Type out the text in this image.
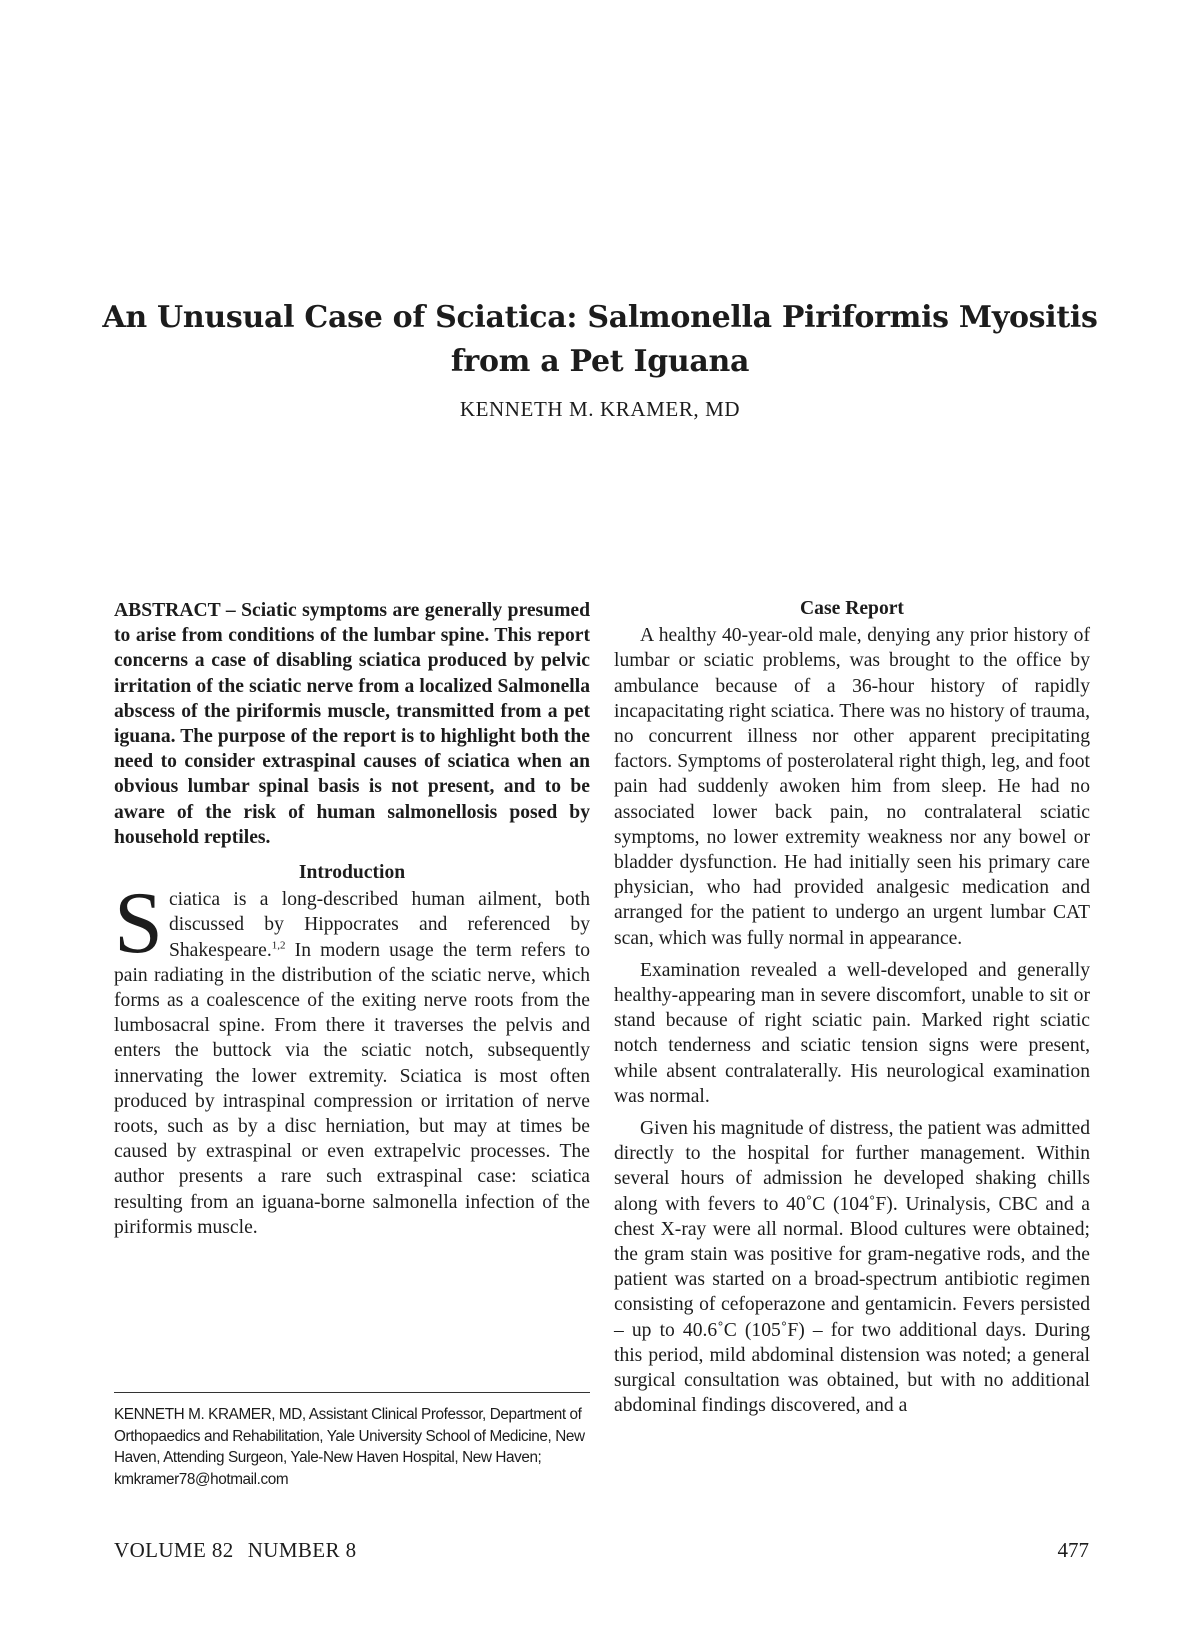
An Unusual Case of Sciatica: Salmonella Piriformis Myositis
from a Pet Iguana
KENNETH M. KRAMER, MD

ABSTRACT – Sciatic symptoms are generally presumed to arise from conditions of the lumbar spine. This report concerns a case of disabling sciatica produced by pelvic irritation of the sciatic nerve from a localized Salmonella abscess of the piriformis muscle, transmitted from a pet iguana. The purpose of the report is to highlight both the need to consider extraspinal causes of sciatica when an obvious lumbar spinal basis is not present, and to be aware of the risk of human salmonellosis posed by household reptiles.

Introduction

Sciatica is a long-described human ailment, both discussed by Hippocrates and referenced by Shakespeare.$^{1,2}$ In modern usage the term refers to pain radiating in the distribution of the sciatic nerve, which forms as a coalescence of the exiting nerve roots from the lumbosacral spine. From there it traverses the pelvis and enters the buttock via the sciatic notch, subsequently innervating the lower extremity. Sciatica is most often produced by intraspinal compression or irritation of nerve roots, such as by a disc herniation, but may at times be caused by extraspinal or even extrapelvic processes. The author presents a rare such extraspinal case: sciatica resulting from an iguana-borne salmonella infection of the piriformis muscle.

Case Report

A healthy 40-year-old male, denying any prior history of lumbar or sciatic problems, was brought to the office by ambulance because of a 36-hour history of rapidly incapacitating right sciatica. There was no history of trauma, no concurrent illness nor other apparent precipitating factors. Symptoms of posterolateral right thigh, leg, and foot pain had suddenly awoken him from sleep. He had no associated lower back pain, no contralateral sciatic symptoms, no lower extremity weakness nor any bowel or bladder dysfunction. He had initially seen his primary care physician, who had provided analgesic medication and arranged for the patient to undergo an urgent lumbar CAT scan, which was fully normal in appearance.

Examination revealed a well-developed and generally healthy-appearing man in severe discomfort, unable to sit or stand because of right sciatic pain. Marked right sciatic notch tenderness and sciatic tension signs were present, while absent contralaterally. His neurological examination was normal.

Given his magnitude of distress, the patient was admitted directly to the hospital for further management. Within several hours of admission he developed shaking chills along with fevers to 40˚C (104˚F). Urinalysis, CBC and a chest X-ray were all normal. Blood cultures were obtained; the gram stain was positive for gram-negative rods, and the patient was started on a broad-spectrum antibiotic regimen consisting of cefoperazone and gentamicin. Fevers persisted – up to 40.6˚C (105˚F) – for two additional days. During this period, mild abdominal distension was noted; a general surgical consultation was obtained, but with no additional abdominal findings discovered, and a

KENNETH M. KRAMER, MD, Assistant Clinical Professor, Department of Orthopaedics and Rehabilitation, Yale University School of Medicine, New Haven, Attending Surgeon, Yale-New Haven Hospital, New Haven; kmkramer78@hotmail.com
VOLUME 82 NUMBER 8	477
